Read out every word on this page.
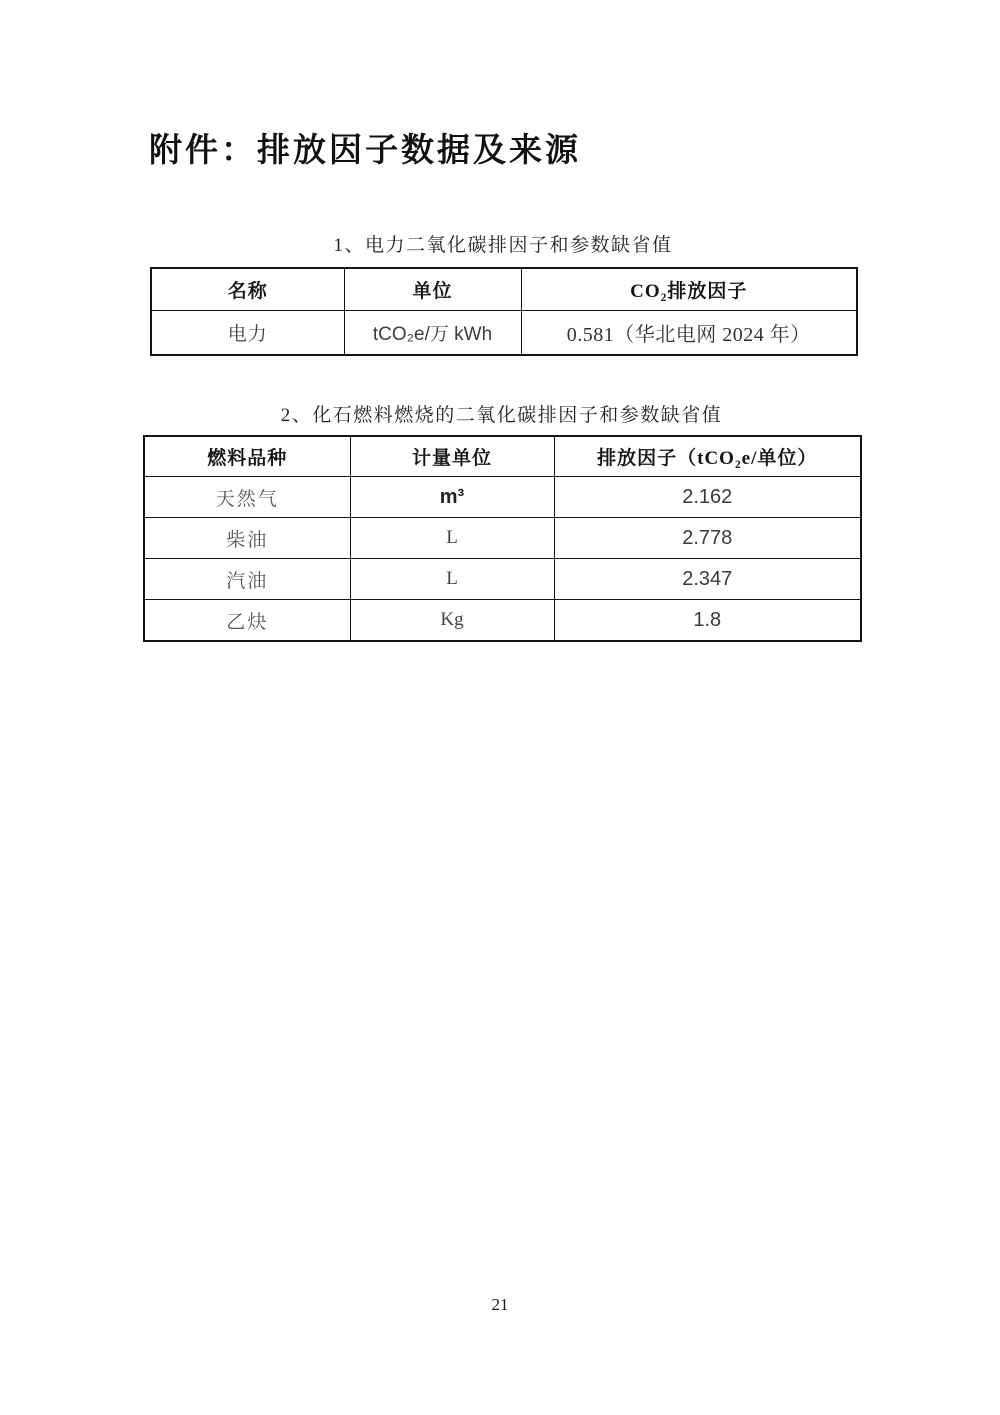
附件：排放因子数据及来源
1、电力二氧化碳排因子和参数缺省值
名称	单位	CO₂排放因子
电力	tCO₂e/万 kWh	0.581（华北电网 2024 年）
2、化石燃料燃烧的二氧化碳排因子和参数缺省值
燃料品种	计量单位	排放因子（tCO₂e/单位）
天然气	m³	2.162
柴油	L	2.778
汽油	L	2.347
乙炔	Kg	1.8
21
